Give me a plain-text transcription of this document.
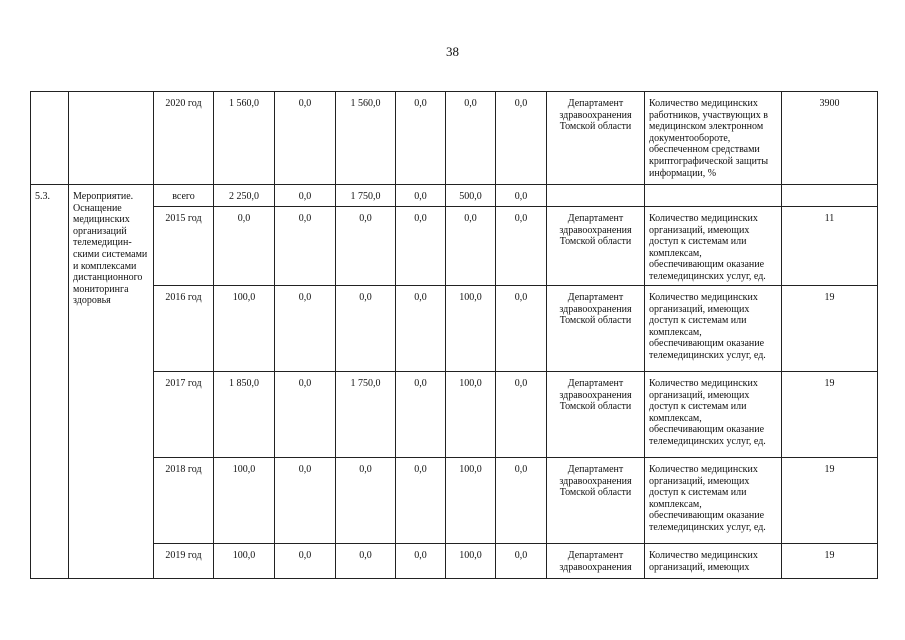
38
		2020 год	1 560,0	0,0	1 560,0	0,0	0,0	0,0	Департамент здравоохранения Томской области	Количество медицинских работников, участвующих в медицинском электронном документообороте, обеспеченном средствами криптографической защиты информации, %	3900
5.3.	Мероприятие. Оснащение медицинских организаций телемедицин-скими системами и комплексами дистанционного мониторинга здоровья	всего	2 250,0	0,0	1 750,0	0,0	500,0	0,0			
		2015 год	0,0	0,0	0,0	0,0	0,0	0,0	Департамент здравоохранения Томской области	Количество медицинских организаций, имеющих доступ к системам или комплексам, обеспечивающим оказание телемедицинских услуг, ед.	11
		2016 год	100,0	0,0	0,0	0,0	100,0	0,0	Департамент здравоохранения Томской области	Количество медицинских организаций, имеющих доступ к системам или комплексам, обеспечивающим оказание телемедицинских услуг, ед.	19
		2017 год	1 850,0	0,0	1 750,0	0,0	100,0	0,0	Департамент здравоохранения Томской области	Количество медицинских организаций, имеющих доступ к системам или комплексам, обеспечивающим оказание телемедицинских услуг, ед.	19
		2018 год	100,0	0,0	0,0	0,0	100,0	0,0	Департамент здравоохранения Томской области	Количество медицинских организаций, имеющих доступ к системам или комплексам, обеспечивающим оказание телемедицинских услуг, ед.	19
		2019 год	100,0	0,0	0,0	0,0	100,0	0,0	Департамент здравоохранения	Количество медицинских организаций, имеющих	19
